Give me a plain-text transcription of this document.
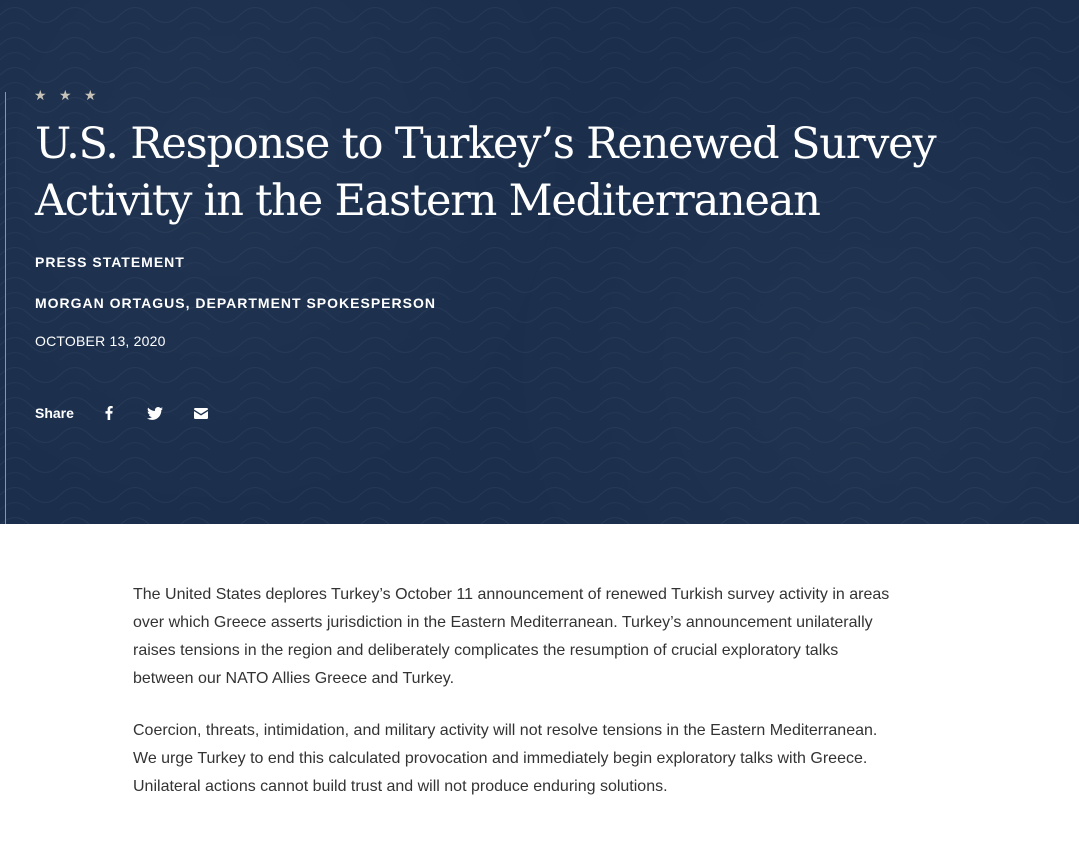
★ ★ ★
U.S. Response to Turkey’s Renewed Survey Activity in the Eastern Mediterranean
PRESS STATEMENT
MORGAN ORTAGUS, DEPARTMENT SPOKESPERSON
OCTOBER 13, 2020
Share

The United States deplores Turkey’s October 11 announcement of renewed Turkish survey activity in areas over which Greece asserts jurisdiction in the Eastern Mediterranean. Turkey’s announcement unilaterally raises tensions in the region and deliberately complicates the resumption of crucial exploratory talks between our NATO Allies Greece and Turkey.

Coercion, threats, intimidation, and military activity will not resolve tensions in the Eastern Mediterranean. We urge Turkey to end this calculated provocation and immediately begin exploratory talks with Greece. Unilateral actions cannot build trust and will not produce enduring solutions.
